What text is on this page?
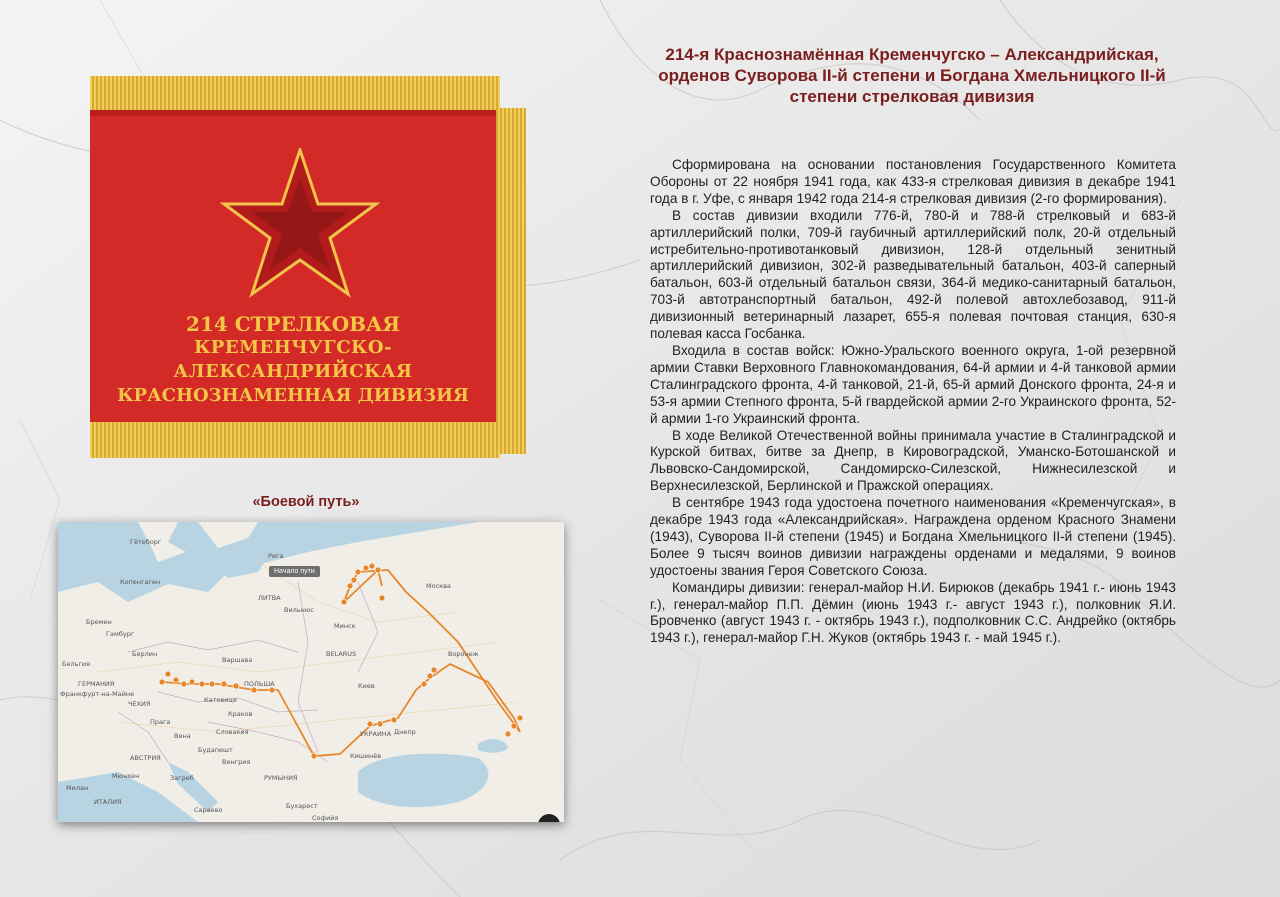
214 СТРЕЛКОВАЯ
КРЕМЕНЧУГСКО-АЛЕКСАНДРИЙСКАЯ
КРАСНОЗНАМЕННАЯ ДИВИЗИЯ
«Боевой путь»
Начало пути
Рига
Вильнюс
Минск
Москва
ЛИТВА
BELARUS
Варшава
Берлин
Прага
Вена
Будапешт
Кишинёв
Бухарест
Софийя
Сараево
Загреб
ГЕРМАНИЯ	ПОЛЬША
ЧЕХИЯ
АВСТРИЯ
ИТАЛИЯ
РУМЫНИЯ
УКРАИНА
Киев
Днепр
Воронеж
Копенгаген
Гётеборг
Гамбург
Катовице
Краков
Словакия
Венгрия
Франкфурт-на-Майне
Мюнхен
Милан
Бельгия
Бремен
214-я Краснознамённая Кременчугско – Александрийская, орденов Суворова II-й степени и Богдана Хмельницкого II-й степени стрелковая дивизия

Сформирована на основании постановления Государственного Комитета Обороны от 22 ноября 1941 года, как 433-я стрелковая дивизия в декабре 1941 года в г. Уфе, с января 1942 года 214-я стрелковая дивизия (2-го формирования).

В состав дивизии входили 776-й, 780-й и 788-й стрелковый и 683-й артиллерийский полки, 709-й гаубичный артиллерийский полк, 20-й отдельный истребительно-противотанковый дивизион, 128-й отдельный зенитный артиллерийский дивизион, 302-й разведывательный батальон, 403-й саперный батальон, 603-й отдельный батальон связи, 364-й медико-санитарный батальон, 703-й автотранспортный батальон, 492-й полевой автохлебозавод, 911-й дивизионный ветеринарный лазарет, 655-я полевая почтовая станция, 630-я полевая касса Госбанка.

Входила в состав войск: Южно-Уральского военного округа, 1-ой резервной армии Ставки Верховного Главнокомандования, 64-й армии и 4-й танковой армии Сталинградского фронта, 4-й танковой, 21-й, 65-й армий Донского фронта, 24-я и 53-я армии Степного фронта, 5-й гвардейской армии 2-го Украинского фронта, 52-й армии 1-го Украинский фронта.

В ходе Великой Отечественной войны принимала участие в Сталинградской и Курской битвах, битве за Днепр, в Кировоградской, Уманско-Ботошанской и Львовско-Сандомирской, Сандомирско-Силезской, Нижнесилезской и Верхнесилезской, Берлинской и Пражской операциях.

В сентябре 1943 года удостоена почетного наименования «Кременчугская», в декабре 1943 года «Александрийская». Награждена орденом Красного Знамени (1943), Суворова II-й степени (1945) и Богдана Хмельницкого II-й степени (1945). Более 9 тысяч воинов дивизии награждены орденами и медалями, 9 воинов удостоены звания Героя Советского Союза.

Командиры дивизии: генерал-майор Н.И. Бирюков (декабрь 1941 г.- июнь 1943 г.), генерал-майор П.П. Дёмин (июнь 1943 г.- август 1943 г.), полковник Я.И. Бровченко (август 1943 г. - октябрь 1943 г.), подполковник С.С. Андрейко (октябрь 1943 г.), генерал-майор Г.Н. Жуков (октябрь 1943 г. - май 1945 г.).
